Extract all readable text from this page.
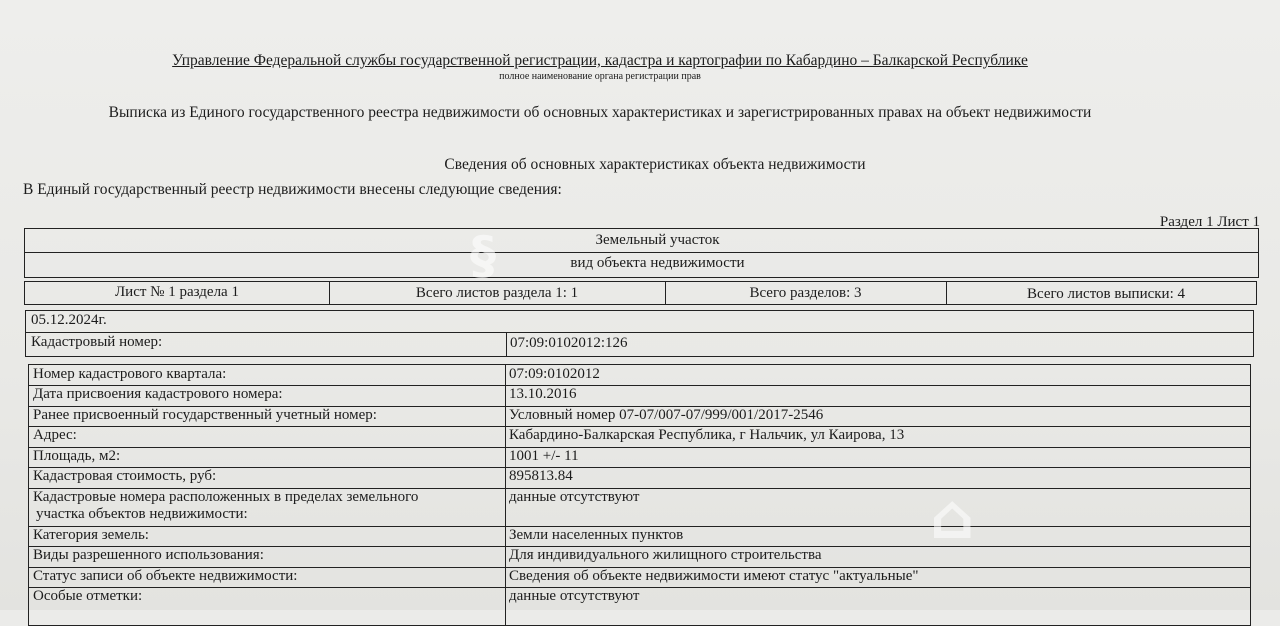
Управление Федеральной службы государственной регистрации, кадастра и картографии по Кабардино – Балкарской Республике
полное наименование органа регистрации прав
Выписка из Единого государственного реестра недвижимости об основных характеристиках и зарегистрированных правах на объект недвижимости
Сведения об основных характеристиках объекта недвижимости
В Единый государственный реестр недвижимости внесены следующие сведения:
Раздел 1 Лист 1
Земельный участок
вид объекта недвижимости
Лист № 1 раздела 1	Всего листов раздела 1: 1	Всего разделов: 3	Всего листов выписки: 4
05.12.2024г.
Кадастровый номер:	07:09:0102012:126
Номер кадастрового квартала:	07:09:0102012
Дата присвоения кадастрового номера:	13.10.2016
Ранее присвоенный государственный учетный номер:	Условный номер 07-07/007-07/999/001/2017-2546
Адрес:	Кабардино-Балкарская Республика, г Нальчик, ул Каирова, 13
Площадь, м2:	1001 +/- 11
Кадастровая стоимость, руб:	895813.84
Кадастровые номера расположенных в пределах земельного
участка объектов недвижимости:
данные отсутствуют
Категория земель:	Земли населенных пунктов
Виды разрешенного использования:	Для индивидуального жилищного строительства
Статус записи об объекте недвижимости:	Сведения об объекте недвижимости имеют статус "актуальные"
Особые отметки:	данные отсутствуют
§
⌂
